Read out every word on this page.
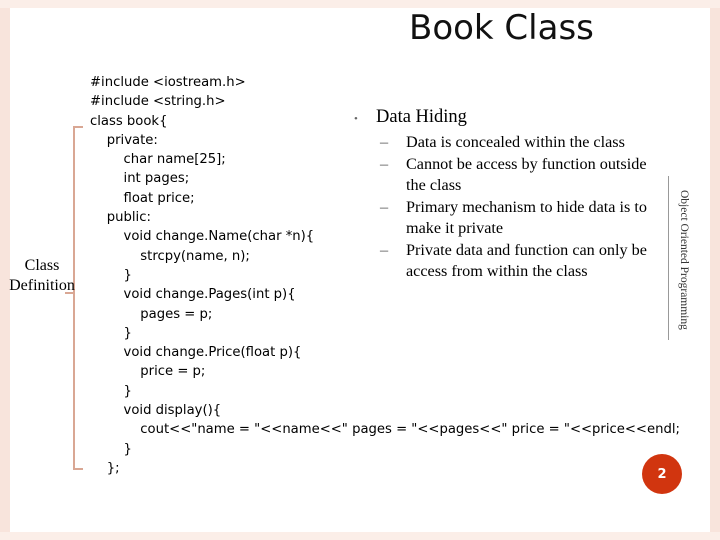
Book Class
#include <iostream.h>
#include <string.h>
class book{
private:
char name[25];
int pages;
float price;
public:
void change.Name(char *n){
strcpy(name, n);
}
void change.Pages(int p){
pages = p;
}
void change.Price(float p){
price = p;
}
void display(){
cout<<"name = "<<name<<" pages = "<<pages<<" price = "<<price<<endl;
}
};
Class
Definition
• Data Hiding
– Data is concealed within the class
– Cannot be access by function outside
the class
– Primary mechanism to hide data is to
make it private
– Private data and function can only be
access from within the class	Object Oriented Programming
2
